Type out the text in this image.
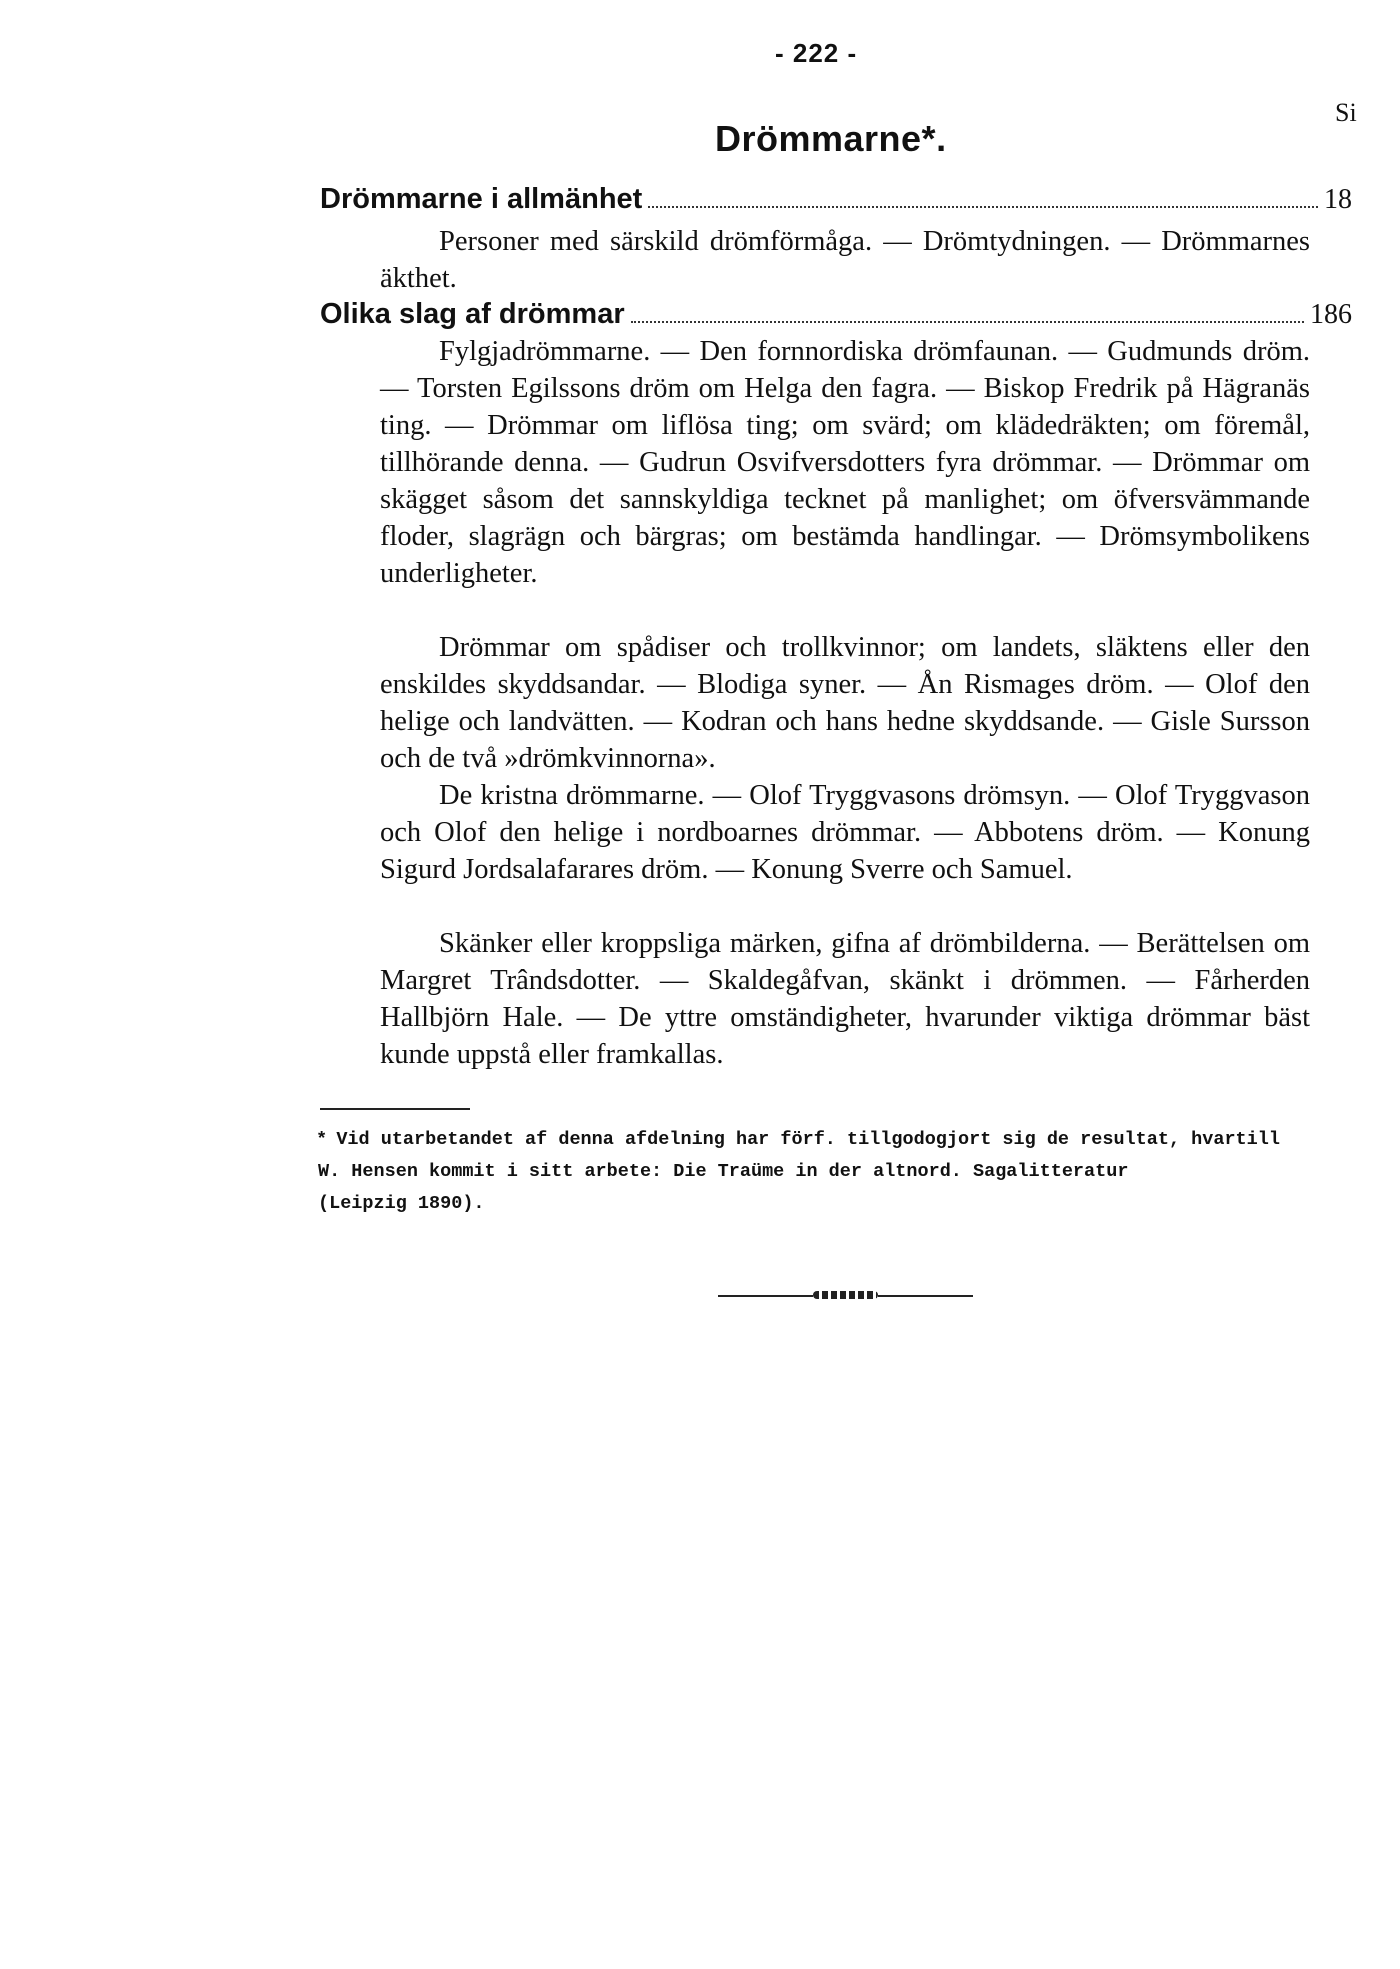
- 222 -
Si
Drömmarne*.
Drömmarne i allmänhet	18

Personer med särskild drömförmåga. — Drömtydningen. — Drömmarnes äkthet.

Olika slag af drömmar	186

Fylgjadrömmarne. — Den fornnordiska drömfaunan. — Gudmunds dröm. — Torsten Egilssons dröm om Helga den fagra. — Biskop Fredrik på Hägranäs ting. — Drömmar om liflösa ting; om svärd; om klädedräkten; om föremål, tillhörande denna. — Gudrun Osvifversdotters fyra drömmar. — Drömmar om skägget såsom det sannskyldiga tecknet på manlighet; om öfversvämmande floder, slagrägn och bärgras; om bestämda handlingar. — Drömsymbolikens underligheter.

Drömmar om spådiser och trollkvinnor; om landets, släktens eller den enskildes skyddsandar. — Blodiga syner. — Ån Rismages dröm. — Olof den helige och landvätten. — Kodran och hans hedne skyddsande. — Gisle Sursson och de två »drömkvinnorna».

De kristna drömmarne. — Olof Tryggvasons drömsyn. — Olof Tryggvason och Olof den helige i nordboarnes drömmar. — Abbotens dröm. — Konung Sigurd Jordsalafarares dröm. — Konung Sverre och Samuel.

Skänker eller kroppsliga märken, gifna af drömbilderna. — Berättelsen om Margret Trândsdotter. — Skaldegåfvan, skänkt i drömmen. — Fårherden Hallbjörn Hale. — De yttre omständigheter, hvarunder viktiga drömmar bäst kunde uppstå eller framkallas.

* Vid utarbetandet af denna afdelning har förf. tillgodogjort sig de resultat, hvartill
W. Hensen kommit i sitt arbete: Die Traüme in der altnord. Sagalitteratur
(Leipzig 1890).
